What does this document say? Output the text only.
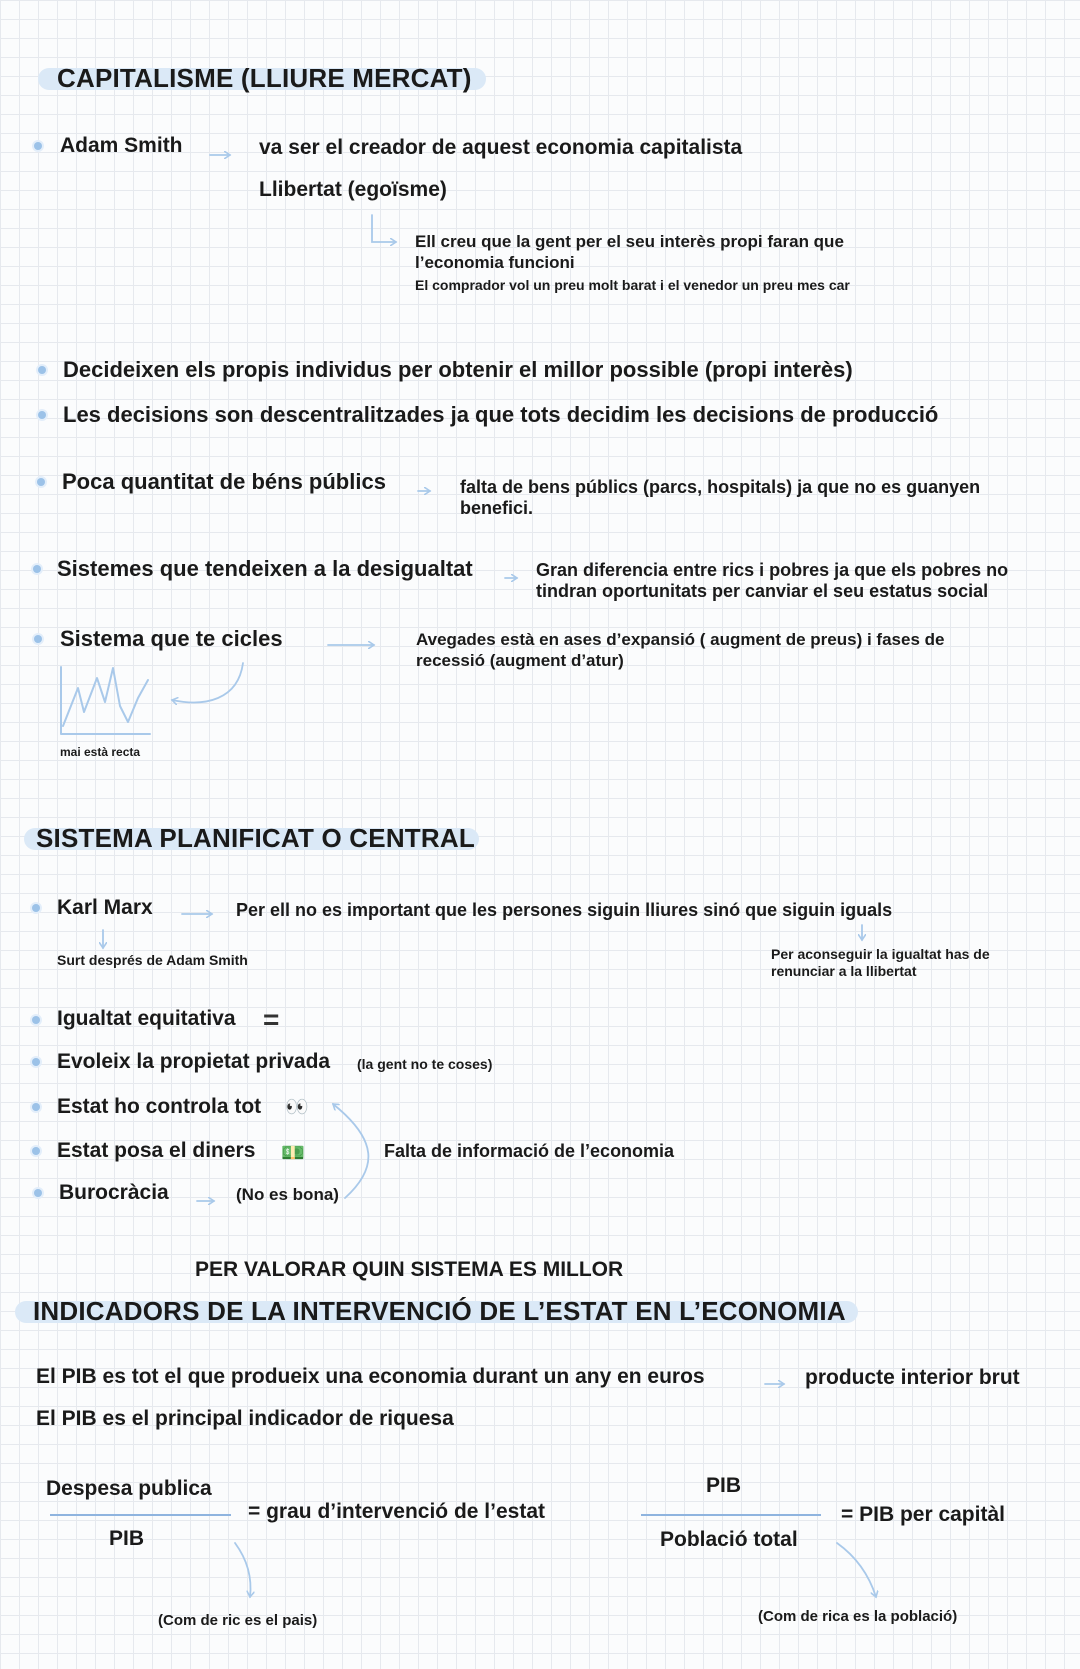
CAPITALISME (LLIURE MERCAT)
Adam Smith	va ser el creador de aquest economia capitalista
Llibertat (egoïsme)
Ell creu que la gent per el seu interès propi faran que l’economia funcioni
El comprador vol un preu molt barat i el venedor un preu mes car
Decideixen els propis individus per obtenir el millor possible (propi interès)
Les decisions son descentralitzades ja que tots decidim les decisions de producció
Poca quantitat de béns públics	falta de bens públics (parcs, hospitals) ja que no es guanyen benefici.
Sistemes que tendeixen a la desigualtat	Gran diferencia entre rics i pobres ja que els pobres no tindran oportunitats per canviar el seu estatus social
Sistema que te cicles	Avegades està en ases d’expansió ( augment de preus) i fases de recessió (augment d’atur)
mai està recta
SISTEMA PLANIFICAT O CENTRAL
Karl Marx	Per ell no es important que les persones siguin lliures sinó que siguin iguals
Surt després de Adam Smith	Per aconseguir la igualtat has de renunciar a la llibertat
Igualtat equitativa =
Evoleix la propietat privada (la gent no te coses)
Estat ho controla tot 👀
Estat posa el diners 💵
Burocràcia	(No es bona)
Falta de informació de l’economia
PER VALORAR QUIN SISTEMA ES MILLOR
INDICADORS DE LA INTERVENCIÓ DE L’ESTAT EN L’ECONOMIA
El PIB es tot el que produeix una economia durant un any en euros	producte interior brut
El PIB es el principal indicador de riquesa
Despesa publica
PIB
= grau d’intervenció de l’estat
(Com de ric es el pais)
PIB
Població total
= PIB per capitàl
(Com de rica es la població)
